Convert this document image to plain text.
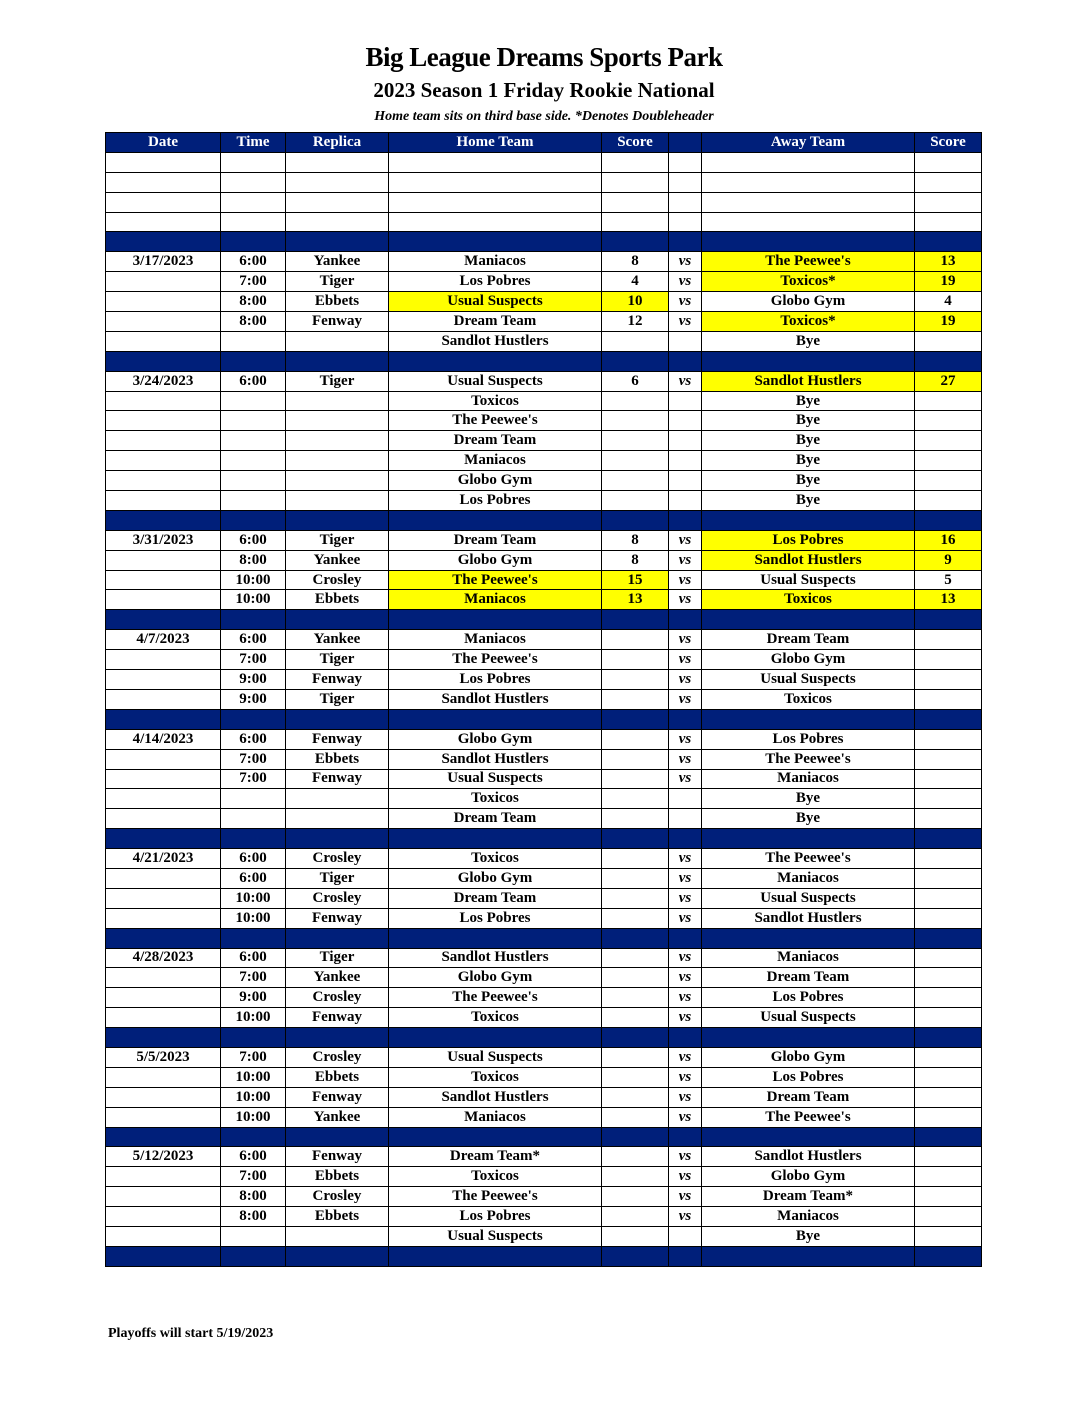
Big League Dreams Sports Park
2023 Season 1 Friday Rookie National
Home team sits on third base side. *Denotes Doubleheader
Date	Time	Replica	Home Team	Score		Away Team	Score

3/17/2023	6:00	Yankee	Maniacos	8	vs	The Peewee's	13
	7:00	Tiger	Los Pobres	4	vs	Toxicos*	19
	8:00	Ebbets	Usual Suspects	10	vs	Globo Gym	4
	8:00	Fenway	Dream Team	12	vs	Toxicos*	19
			Sandlot Hustlers			Bye	

3/24/2023	6:00	Tiger	Usual Suspects	6	vs	Sandlot Hustlers	27
			Toxicos			Bye	
			The Peewee's			Bye	
			Dream Team			Bye	
			Maniacos			Bye	
			Globo Gym			Bye	
			Los Pobres			Bye	

3/31/2023	6:00	Tiger	Dream Team	8	vs	Los Pobres	16
	8:00	Yankee	Globo Gym	8	vs	Sandlot Hustlers	9
	10:00	Crosley	The Peewee's	15	vs	Usual Suspects	5
	10:00	Ebbets	Maniacos	13	vs	Toxicos	13

4/7/2023	6:00	Yankee	Maniacos		vs	Dream Team	
	7:00	Tiger	The Peewee's		vs	Globo Gym	
	9:00	Fenway	Los Pobres		vs	Usual Suspects	
	9:00	Tiger	Sandlot Hustlers		vs	Toxicos	

4/14/2023	6:00	Fenway	Globo Gym		vs	Los Pobres	
	7:00	Ebbets	Sandlot Hustlers		vs	The Peewee's	
	7:00	Fenway	Usual Suspects		vs	Maniacos	
			Toxicos			Bye	
			Dream Team			Bye	

4/21/2023	6:00	Crosley	Toxicos		vs	The Peewee's	
	6:00	Tiger	Globo Gym		vs	Maniacos	
	10:00	Crosley	Dream Team		vs	Usual Suspects	
	10:00	Fenway	Los Pobres		vs	Sandlot Hustlers	

4/28/2023	6:00	Tiger	Sandlot Hustlers		vs	Maniacos	
	7:00	Yankee	Globo Gym		vs	Dream Team	
	9:00	Crosley	The Peewee's		vs	Los Pobres	
	10:00	Fenway	Toxicos		vs	Usual Suspects	

5/5/2023	7:00	Crosley	Usual Suspects		vs	Globo Gym	
	10:00	Ebbets	Toxicos		vs	Los Pobres	
	10:00	Fenway	Sandlot Hustlers		vs	Dream Team	
	10:00	Yankee	Maniacos		vs	The Peewee's	

5/12/2023	6:00	Fenway	Dream Team*		vs	Sandlot Hustlers	
	7:00	Ebbets	Toxicos		vs	Globo Gym	
	8:00	Crosley	The Peewee's		vs	Dream Team*	
	8:00	Ebbets	Los Pobres		vs	Maniacos	
			Usual Suspects			Bye	

Playoffs will start 5/19/2023
